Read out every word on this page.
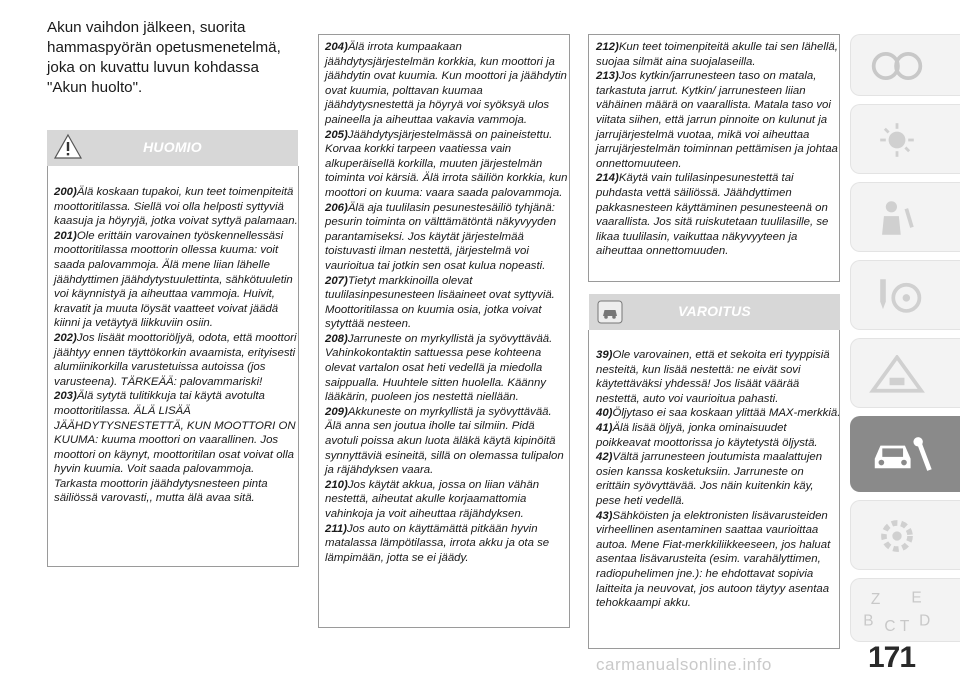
Akun vaihdon jälkeen, suorita hammaspyörän opetusmenetelmä, joka on kuvattu luvun kohdassa "Akun huolto".
HUOMIO

200)Älä koskaan tupakoi, kun teet toimenpiteitä moottoritilassa. Siellä voi olla helposti syttyviä kaasuja ja höyryjä, jotka voivat syttyä palamaan.

201)Ole erittäin varovainen työskennellessäsi moottoritilassa moottorin ollessa kuuma: voit saada palovammoja. Älä mene liian lähelle jäähdyttimen jäähdytystuulettinta, sähkötuuletin voi käynnistyä ja aiheuttaa vammoja. Huivit, kravatit ja muuta löysät vaatteet voivat jäädä kiinni ja vetäytyä liikkuviin osiin.

202)Jos lisäät moottoriöljyä, odota, että moottori jäähtyy ennen täyttökorkin avaamista, erityisesti alumiinikorkilla varustetuissa autoissa (jos varusteena). TÄRKEÄÄ: palovammariski!

203)Älä sytytä tulitikkuja tai käytä avotulta moottoritilassa. ÄLÄ LISÄÄ JÄÄHDYTYSNESTETTÄ, KUN MOOTTORI ON KUUMA: kuuma moottori on vaarallinen. Jos moottori on käynyt, moottoritilan osat voivat olla hyvin kuumia. Voit saada palovammoja. Tarkasta moottorin jäähdytysnesteen pinta säiliössä varovasti,, mutta älä avaa sitä.

204)Älä irrota kumpaakaan jäähdytysjärjestelmän korkkia, kun moottori ja jäähdytin ovat kuumia. Kun moottori ja jäähdytin ovat kuumia, polttavan kuumaa jäähdytysnestettä ja höyryä voi syöksyä ulos paineella ja aiheuttaa vakavia vammoja.

205)Jäähdytysjärjestelmässä on paineistettu. Korvaa korkki tarpeen vaatiessa vain alkuperäisellä korkilla, muuten järjestelmän toiminta voi kärsiä. Älä irrota säiliön korkkia, kun moottori on kuuma: vaara saada palovammoja.

206)Älä aja tuulilasin pesunestesäiliö tyhjänä: pesurin toiminta on välttämätöntä näkyvyyden parantamiseksi. Jos käytät järjestelmää toistuvasti ilman nestettä, järjestelmä voi vaurioitua tai jotkin sen osat kulua nopeasti.

207)Tietyt markkinoilla olevat tuulilasinpesunesteen lisäaineet ovat syttyviä. Moottoritilassa on kuumia osia, jotka voivat sytyttää nesteen.

208)Jarruneste on myrkyllistä ja syövyttävää. Vahinkokontaktin sattuessa pese kohteena olevat vartalon osat heti vedellä ja miedolla saippualla. Huuhtele sitten huolella. Käänny lääkärin, puoleen jos nestettä niellään.

209)Akkuneste on myrkyllistä ja syövyttävää. Älä anna sen joutua iholle tai silmiin. Pidä avotuli poissa akun luota äläkä käytä kipinöitä synnyttäviä esineitä, sillä on olemassa tulipalon ja räjähdyksen vaara.

210)Jos käytät akkua, jossa on liian vähän nestettä, aiheutat akulle korjaamattomia vahinkoja ja voit aiheuttaa räjähdyksen.

211)Jos auto on käyttämättä pitkään hyvin matalassa lämpötilassa, irrota akku ja ota se lämpimään, jotta se ei jäädy.

212)Kun teet toimenpiteitä akulle tai sen lähellä, suojaa silmät aina suojalaseilla.

213)Jos kytkin/jarrunesteen taso on matala, tarkastuta jarrut. Kytkin/ jarrunesteen liian vähäinen määrä on vaarallista. Matala taso voi viitata siihen, että jarrun pinnoite on kulunut ja jarrujärjestelmä vuotaa, mikä voi aiheuttaa jarrujärjestelmän toiminnan pettämisen ja johtaa onnettomuuteen.

214)Käytä vain tulilasinpesunestettä tai puhdasta vettä säiliössä. Jäähdyttimen pakkasnesteen käyttäminen pesunesteenä on vaarallista. Jos sitä ruiskutetaan tuulilasille, se likaa tuulilasin, vaikuttaa näkyvyyteen ja aiheuttaa onnettomuuden.

VAROITUS

39)Ole varovainen, että et sekoita eri tyyppisiä nesteitä, kun lisää nestettä: ne eivät sovi käytettäväksi yhdessä! Jos lisäät väärää nestettä, auto voi vaurioitua pahasti.

40)Öljytaso ei saa koskaan ylittää MAX-merkkiä.

41)Älä lisää öljyä, jonka ominaisuudet poikkeavat moottorissa jo käytetystä öljystä.

42)Vältä jarrunesteen joutumista maalattujen osien kanssa kosketuksiin. Jarruneste on erittäin syövyttävää. Jos näin kuitenkin käy, pese heti vedellä.

43)Sähköisten ja elektronisten lisävarusteiden virheellinen asentaminen saattaa vaurioittaa autoa. Mene Fiat-merkkiliikkeeseen, jos haluat asentaa lisävarusteita (esim. varahälyttimen, radiopuhelimen jne.): he ehdottavat sopivia laitteita ja neuvovat, jos autoon täytyy asentaa tehokkaampi akku.	Z E
B C T D
171
carmanualsonline.info
